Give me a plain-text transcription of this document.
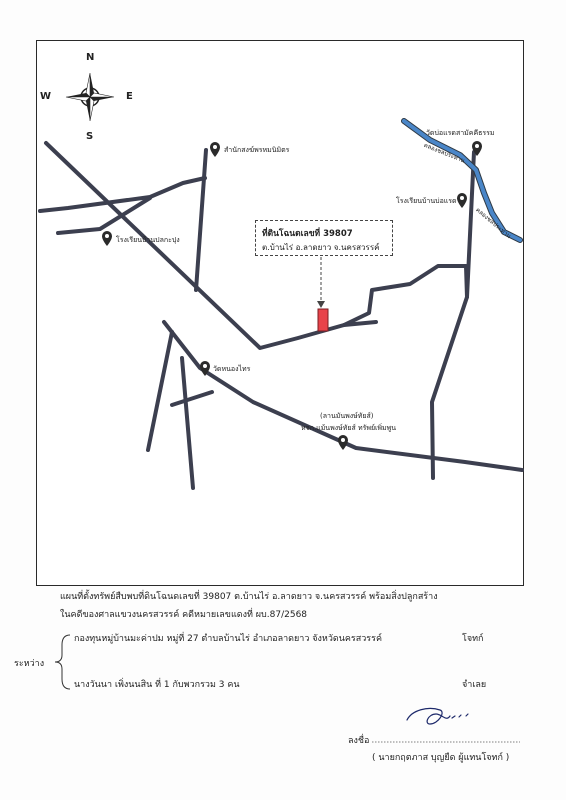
N
S
E
W
สำนักสงฆ์พรหมนิมิตร
โรงเรียนบ้านปลกะปุง
วัดบ่อแรดสามัคคีธรรม
โรงเรียนบ้านบ่อแรด
วัดหนองไทร
(ลานมันพงษ์ทัยส์)
หจก.แม้นพงษ์ทัยส์ ทรัพย์เพิ่มพูน
คลองชลประทาน
คลองชลประทาน
ที่ดินโฉนดเลขที่ 39807
ต.บ้านไร่ อ.ลาดยาว จ.นครสวรรค์
แผนที่ตั้งทรัพย์สืบพบที่ดินโฉนดเลขที่ 39807 ต.บ้านไร่ อ.ลาดยาว จ.นครสวรรค์ พร้อมสิ่งปลูกสร้าง
ในคดีของศาลแขวงนครสวรรค์ คดีหมายเลขแดงที่ ผบ.87/2568
ระหว่าง
กองทุนหมู่บ้านมะค่าปม หมู่ที่ 27 ตำบลบ้านไร่ อำเภอลาดยาว จังหวัดนครสวรรค์	โจทก์
นางวันนา เพิ่งนนสิน ที่ 1 กับพวกรวม 3 คน	จำเลย
ลงชื่อ
( นายกฤตภาส บุญยืด ผู้แทนโจทก์ )
